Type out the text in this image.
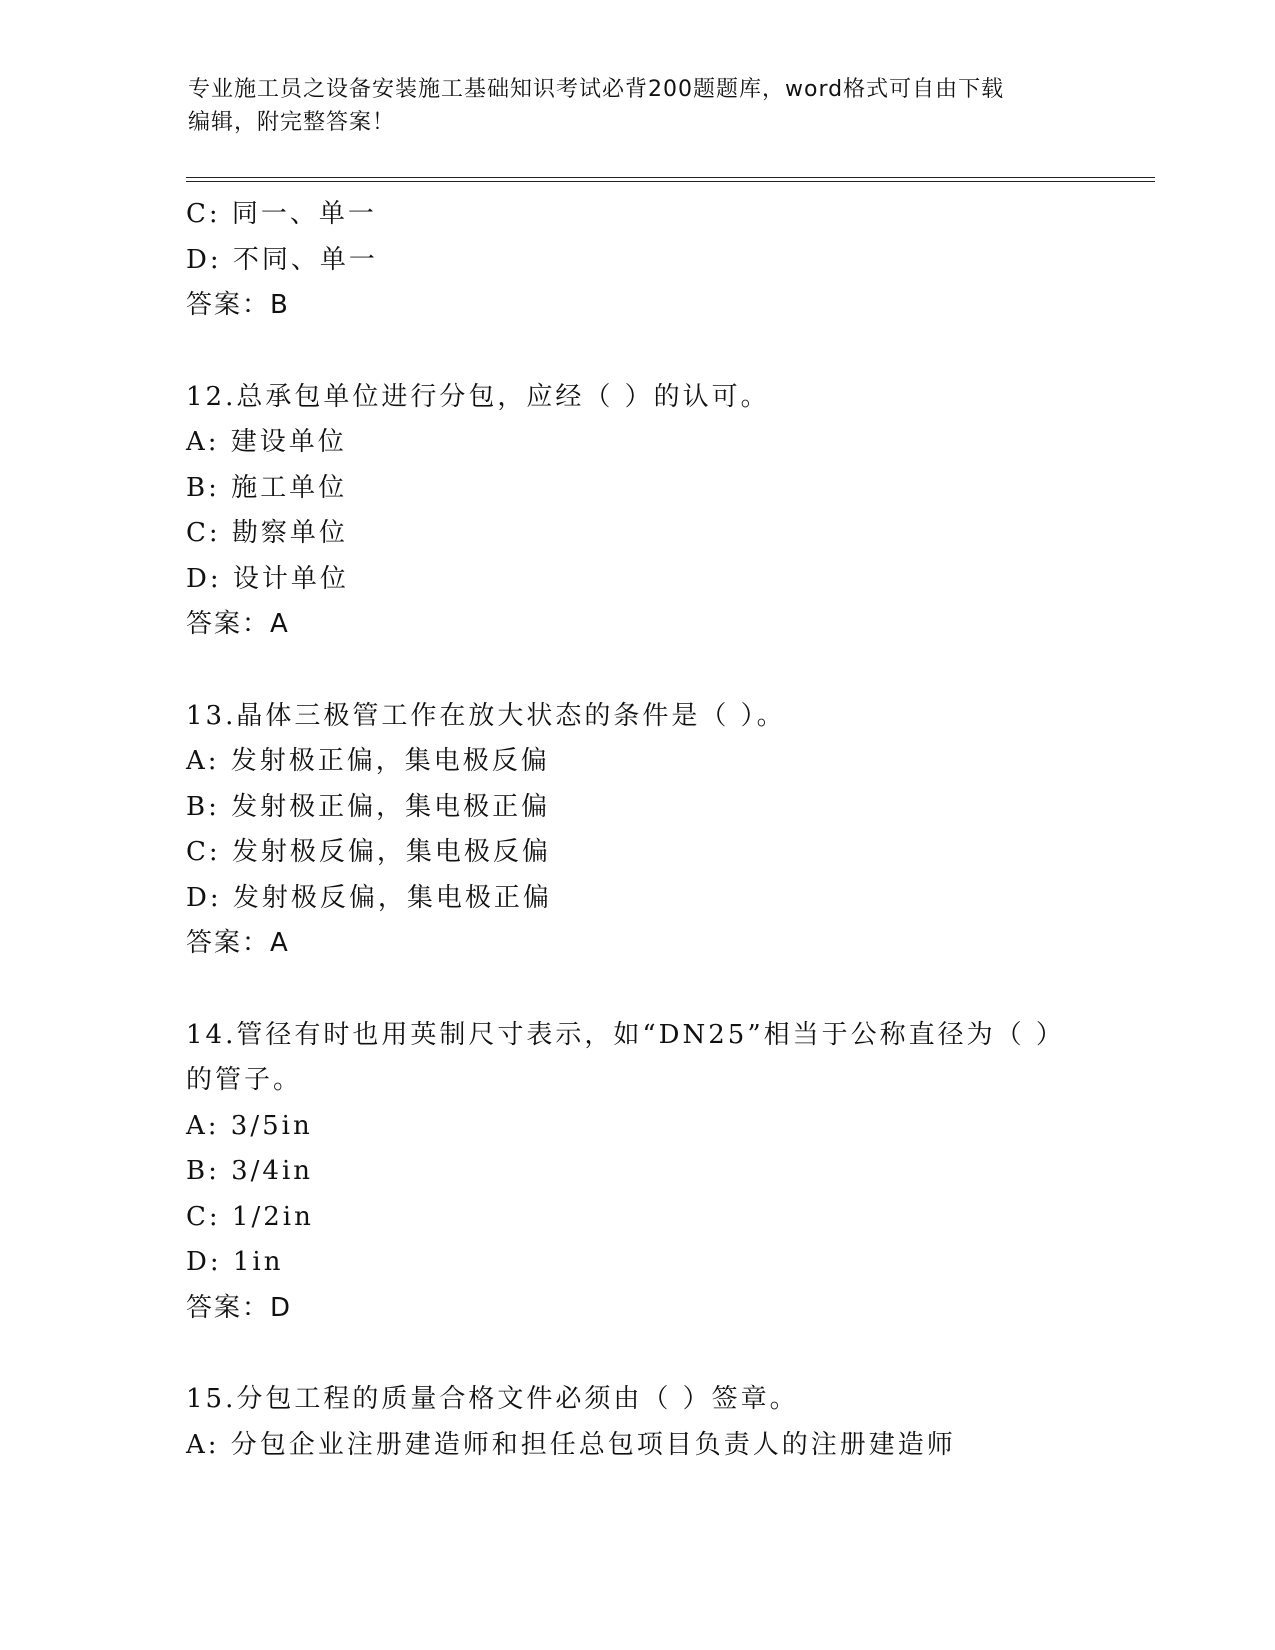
专业施工员之设备安装施工基础知识考试必背200题题库，word格式可自由下载
编辑，附完整答案！
C: 同一、单一
D: 不同、单一
答案：B
12.总承包单位进行分包，应经（ ）的认可。
A: 建设单位
B: 施工单位
C: 勘察单位
D: 设计单位
答案：A
13.晶体三极管工作在放大状态的条件是（ ）。
A: 发射极正偏，集电极反偏
B: 发射极正偏，集电极正偏
C: 发射极反偏，集电极反偏
D: 发射极反偏，集电极正偏
答案：A
14.管径有时也用英制尺寸表示，如“DN25”相当于公称直径为（ ）
的管子。
A: 3/5in
B: 3/4in
C: 1/2in
D: 1in
答案：D
15.分包工程的质量合格文件必须由（ ）签章。
A: 分包企业注册建造师和担任总包项目负责人的注册建造师
